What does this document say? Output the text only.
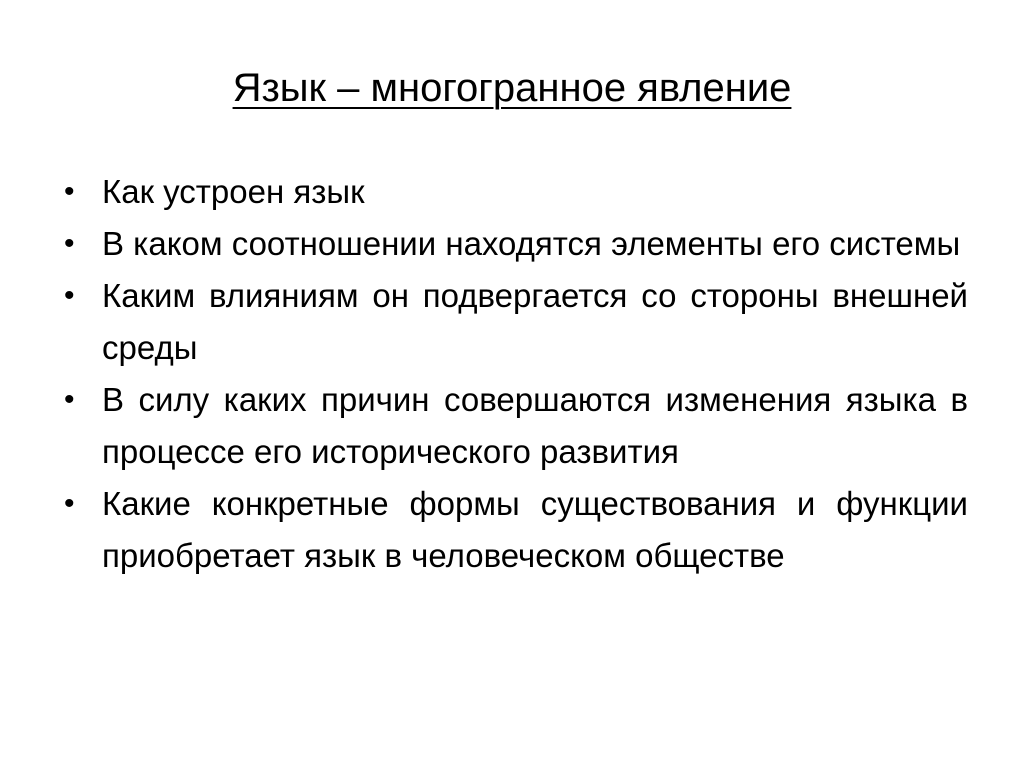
Язык – многогранное явление
• Как устроен язык
• В каком соотношении находятся элементы его системы
• Каким влияниям он подвергается со стороны внешней среды
• В силу каких причин совершаются изменения языка в процессе его исторического развития
• Какие конкретные формы существования и функции приобретает язык в человеческом обществе
